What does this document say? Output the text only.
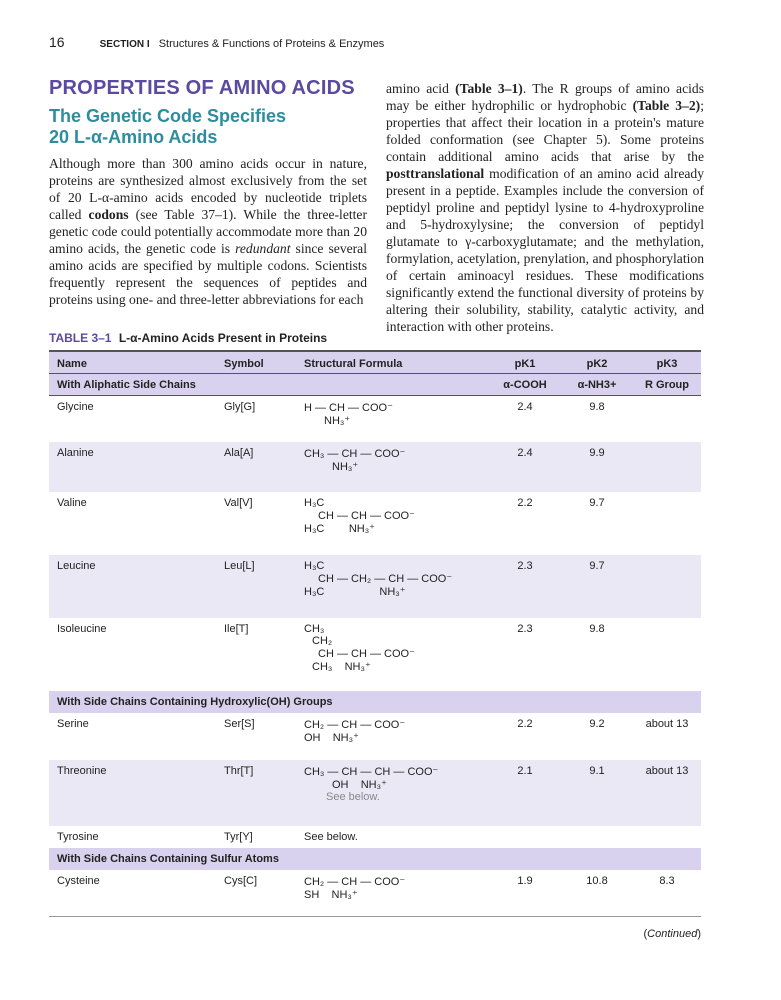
16	SECTION I Structures & Functions of Proteins & Enzymes
PROPERTIES OF AMINO ACIDS
The Genetic Code Specifies
20 L-α-Amino Acids

Although more than 300 amino acids occur in nature, proteins are synthesized almost exclusively from the set of 20 L-α-amino acids encoded by nucleotide triplets called codons (see Table 37–1). While the three-letter genetic code could potentially accommodate more than 20 amino acids, the genetic code is redundant since several amino acids are specified by multiple codons. Scientists frequently represent the sequences of peptides and proteins using one- and three-letter abbreviations for each

amino acid (Table 3–1). The R groups of amino acids may be either hydrophilic or hydrophobic (Table 3–2); properties that affect their location in a protein's mature folded conformation (see Chapter 5). Some proteins contain additional amino acids that arise by the posttranslational modification of an amino acid already present in a peptide. Examples include the conversion of peptidyl proline and peptidyl lysine to 4-hydroxyproline and 5-hydroxylysine; the conversion of peptidyl glutamate to γ-carboxyglutamate; and the methylation, formylation, acetylation, prenylation, and phosphorylation of certain aminoacyl residues. These modifications significantly extend the functional diversity of proteins by altering their solubility, stability, catalytic activity, and interaction with other proteins.

TABLE 3–1 L-α-Amino Acids Present in Proteins
Name	Symbol	Structural Formula	pK1	pK2	pK3
With Aliphatic Side Chains			α-COOH	α-NH3+	R Group
Glycine	Gly[G]	H — CH — COO⁻
NH₃⁺	2.4	9.8	
Alanine	Ala[A]	CH₃ — CH — COO⁻
NH₃⁺	2.4	9.9	
Valine	Val[V]	H₃C
CH — CH — COO⁻
H₃C        NH₃⁺	2.2	9.7	
Leucine	Leu[L]	H₃C
CH — CH₂ — CH — COO⁻
H₃C                  NH₃⁺	2.3	9.7	
Isoleucine	Ile[T]	CH₃
CH₂
CH — CH — COO⁻
CH₃    NH₃⁺	2.3	9.8	
With Side Chains Containing Hydroxylic(OH) Groups					
Serine	Ser[S]	CH₂ — CH — COO⁻
OH    NH₃⁺	2.2	9.2	about 13
Threonine	Thr[T]	CH₃ — CH — CH — COO⁻
OH    NH₃⁺
See below.	2.1	9.1	about 13
Tyrosine	Tyr[Y]	See below.			
With Side Chains Containing Sulfur Atoms					
Cysteine	Cys[C]	CH₂ — CH — COO⁻
SH    NH₃⁺	1.9	10.8	8.3
(Continued)
